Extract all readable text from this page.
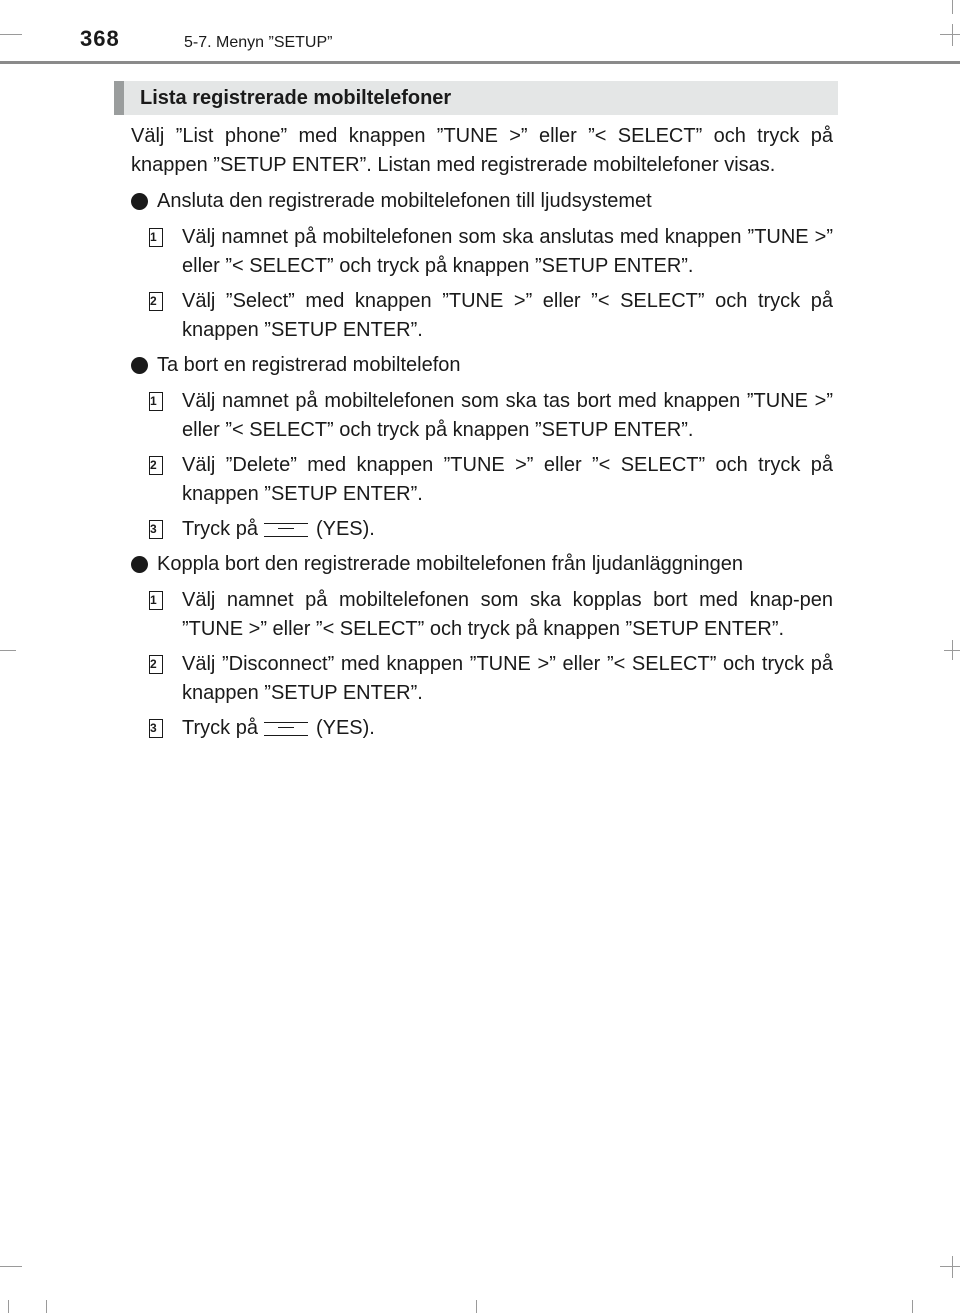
368	5-7. Menyn ”SETUP”
Lista registrerade mobiltelefoner

Välj ”List phone” med knappen ”TUNE >” eller ”< SELECT” och tryck på knappen ”SETUP ENTER”. Listan med registrerade mobiltelefoner visas.

Ansluta den registrerade mobiltelefonen till ljudsystemet
1	Välj namnet på mobiltelefonen som ska anslutas med knappen ”TUNE >” eller ”< SELECT” och tryck på knappen ”SETUP ENTER”.
2	Välj ”Select” med knappen ”TUNE >” eller ”< SELECT” och tryck på knappen ”SETUP ENTER”.
Ta bort en registrerad mobiltelefon
1	Välj namnet på mobiltelefonen som ska tas bort med knappen ”TUNE >” eller ”< SELECT” och tryck på knappen ”SETUP ENTER”.
2	Välj ”Delete” med knappen ”TUNE >” eller ”< SELECT” och tryck på knappen ”SETUP ENTER”.
3	Tryck på	(YES).
Koppla bort den registrerade mobiltelefonen från ljudanläggningen
1	Välj namnet på mobiltelefonen som ska kopplas bort med knap-pen ”TUNE >” eller ”< SELECT” och tryck på knappen ”SETUP ENTER”.
2	Välj ”Disconnect” med knappen ”TUNE >” eller ”< SELECT” och tryck på knappen ”SETUP ENTER”.
3	Tryck på	(YES).
